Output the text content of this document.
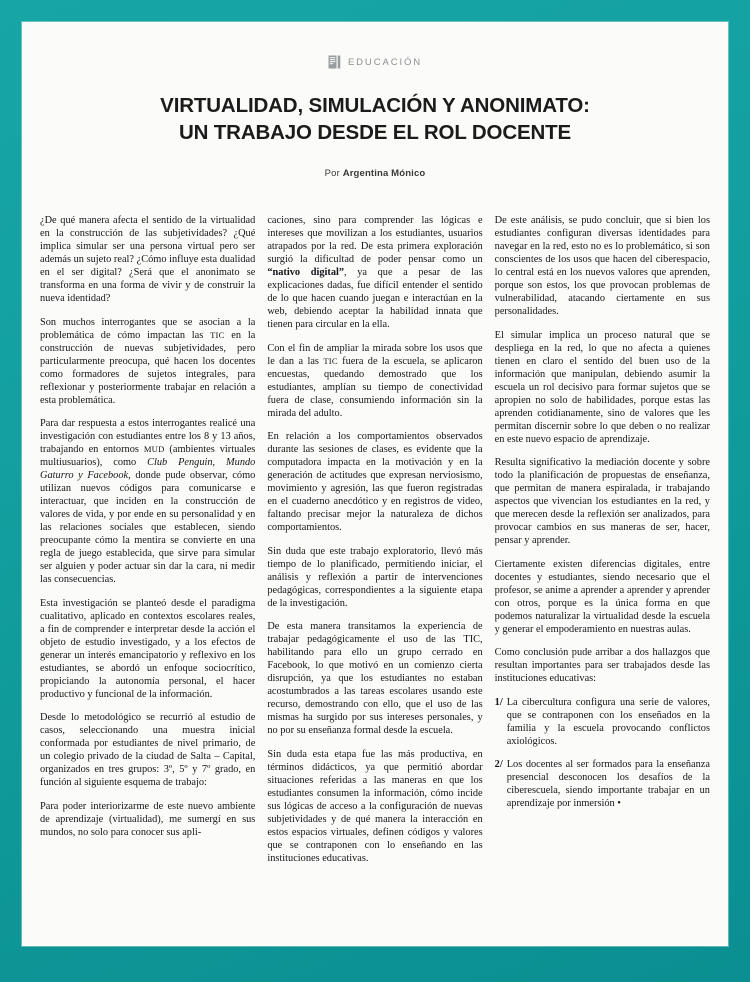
EDUCACIÓN
VIRTUALIDAD, SIMULACIÓN Y ANONIMATO:
UN TRABAJO DESDE EL ROL DOCENTE
Por Argentina Mónico

¿De qué manera afecta el sentido de la virtualidad en la construcción de las subjetividades? ¿Qué implica simular ser una persona virtual pero ser además un sujeto real? ¿Cómo influye esta dualidad en el ser digital? ¿Será que el anonimato se transforma en una forma de vivir y de construir la nueva identidad?

Son muchos interrogantes que se asocian a la problemática de cómo impactan las TIC en la construcción de nuevas subjetividades, pero particularmente preocupa, qué hacen los docentes como formadores de sujetos integrales, para reflexionar y posteriormente trabajar en relación a esta problemática.

Para dar respuesta a estos interrogantes realicé una investigación con estudiantes entre los 8 y 13 años, trabajando en entornos MUD (ambientes virtuales multiusuarios), como Club Penguin, Mundo Gaturro y Facebook, donde pude observar, cómo utilizan nuevos códigos para comunicarse e interactuar, que inciden en la construcción de valores de vida, y por ende en su personalidad y en las relaciones sociales que establecen, siendo preocupante cómo la mentira se convierte en una regla de juego establecida, que sirve para simular ser alguien y poder actuar sin dar la cara, ni medir las consecuencias.

Esta investigación se planteó desde el paradigma cualitativo, aplicado en contextos escolares reales, a fin de comprender e interpretar desde la acción el objeto de estudio investigado, y a los efectos de generar un interés emancipatorio y reflexivo en los estudiantes, se abordó un enfoque sociocrítico, propiciando la autonomía personal, el hacer productivo y funcional de la información.

Desde lo metodológico se recurrió al estudio de casos, seleccionando una muestra inicial conformada por estudiantes de nivel primario, de un colegio privado de la ciudad de Salta – Capital, organizados en tres grupos: 3º, 5º y 7º grado, en función al siguiente esquema de trabajo:

Para poder interiorizarme de este nuevo ambiente de aprendizaje (virtualidad), me sumergí en sus mundos, no solo para conocer sus apli-

caciones, sino para comprender las lógicas e intereses que movilizan a los estudiantes, usuarios atrapados por la red. De esta primera exploración surgió la dificultad de poder pensar como un “nativo digital”, ya que a pesar de las explicaciones dadas, fue difícil entender el sentido de lo que hacen cuando juegan e interactúan en la web, debiendo aceptar la habilidad innata que tienen para circular en la ella.

Con el fin de ampliar la mirada sobre los usos que le dan a las TIC fuera de la escuela, se aplicaron encuestas, quedando demostrado que los estudiantes, amplían su tiempo de conectividad fuera de clase, consumiendo información sin la mirada del adulto.

En relación a los comportamientos observados durante las sesiones de clases, es evidente que la computadora impacta en la motivación y en la generación de actitudes que expresan nerviosismo, movimiento y agresión, las que fueron registradas en el cuaderno anecdótico y en registros de video, faltando precisar mejor la naturaleza de dichos comportamientos.

Sin duda que este trabajo exploratorio, llevó más tiempo de lo planificado, permitiendo iniciar, el análisis y reflexión a partir de intervenciones pedagógicas, correspondientes a la siguiente etapa de la investigación.

De esta manera transitamos la experiencia de trabajar pedagógicamente el uso de las TIC, habilitando para ello un grupo cerrado en Facebook, lo que motivó en un comienzo cierta disrupción, ya que los estudiantes no estaban acostumbrados a las tareas escolares usando este recurso, demostrando con ello, que el uso de las mismas ha surgido por sus intereses personales, y no por su enseñanza formal desde la escuela.

Sin duda esta etapa fue las más productiva, en términos didácticos, ya que permitió abordar situaciones referidas a las maneras en que los estudiantes consumen la información, cómo incide sus lógicas de acceso a la configuración de nuevas subjetividades y de qué manera la interacción en estos espacios virtuales, definen códigos y valores que se contraponen con lo enseñando en las instituciones educativas.

De este análisis, se pudo concluir, que si bien los estudiantes configuran diversas identidades para navegar en la red, esto no es lo problemático, si son conscientes de los usos que hacen del ciberespacio, lo central está en los nuevos valores que aprenden, porque son estos, los que provocan problemas de vulnerabilidad, atacando ciertamente en sus personalidades.

El simular implica un proceso natural que se despliega en la red, lo que no afecta a quienes tienen en claro el sentido del buen uso de la información que manipulan, debiendo asumir la escuela un rol decisivo para formar sujetos que se apropien no solo de habilidades, porque estas las aprenden cotidianamente, sino de valores que les permitan discernir sobre lo que deben o no realizar en este nuevo espacio de aprendizaje.

Resulta significativo la mediación docente y sobre todo la planificación de propuestas de enseñanza, que permitan de manera espiralada, ir trabajando aspectos que vivencian los estudiantes en la red, y que merecen desde la reflexión ser analizados, para provocar cambios en sus maneras de ser, hacer, pensar y aprender.

Ciertamente existen diferencias digitales, entre docentes y estudiantes, siendo necesario que el profesor, se anime a aprender a aprender y aprender con otros, porque es la única forma en que podemos naturalizar la virtualidad desde la escuela y generar el empoderamiento en nuestras aulas.

Como conclusión pude arribar a dos hallazgos que resultan importantes para ser trabajados desde las instituciones educativas:

1/ La cibercultura configura una serie de valores, que se contraponen con los enseñados en la familia y la escuela provocando conflictos axiológicos.
2/ Los docentes al ser formados para la enseñanza presencial desconocen los desafíos de la ciberescuela, siendo importante trabajar en un aprendizaje por inmersión •
